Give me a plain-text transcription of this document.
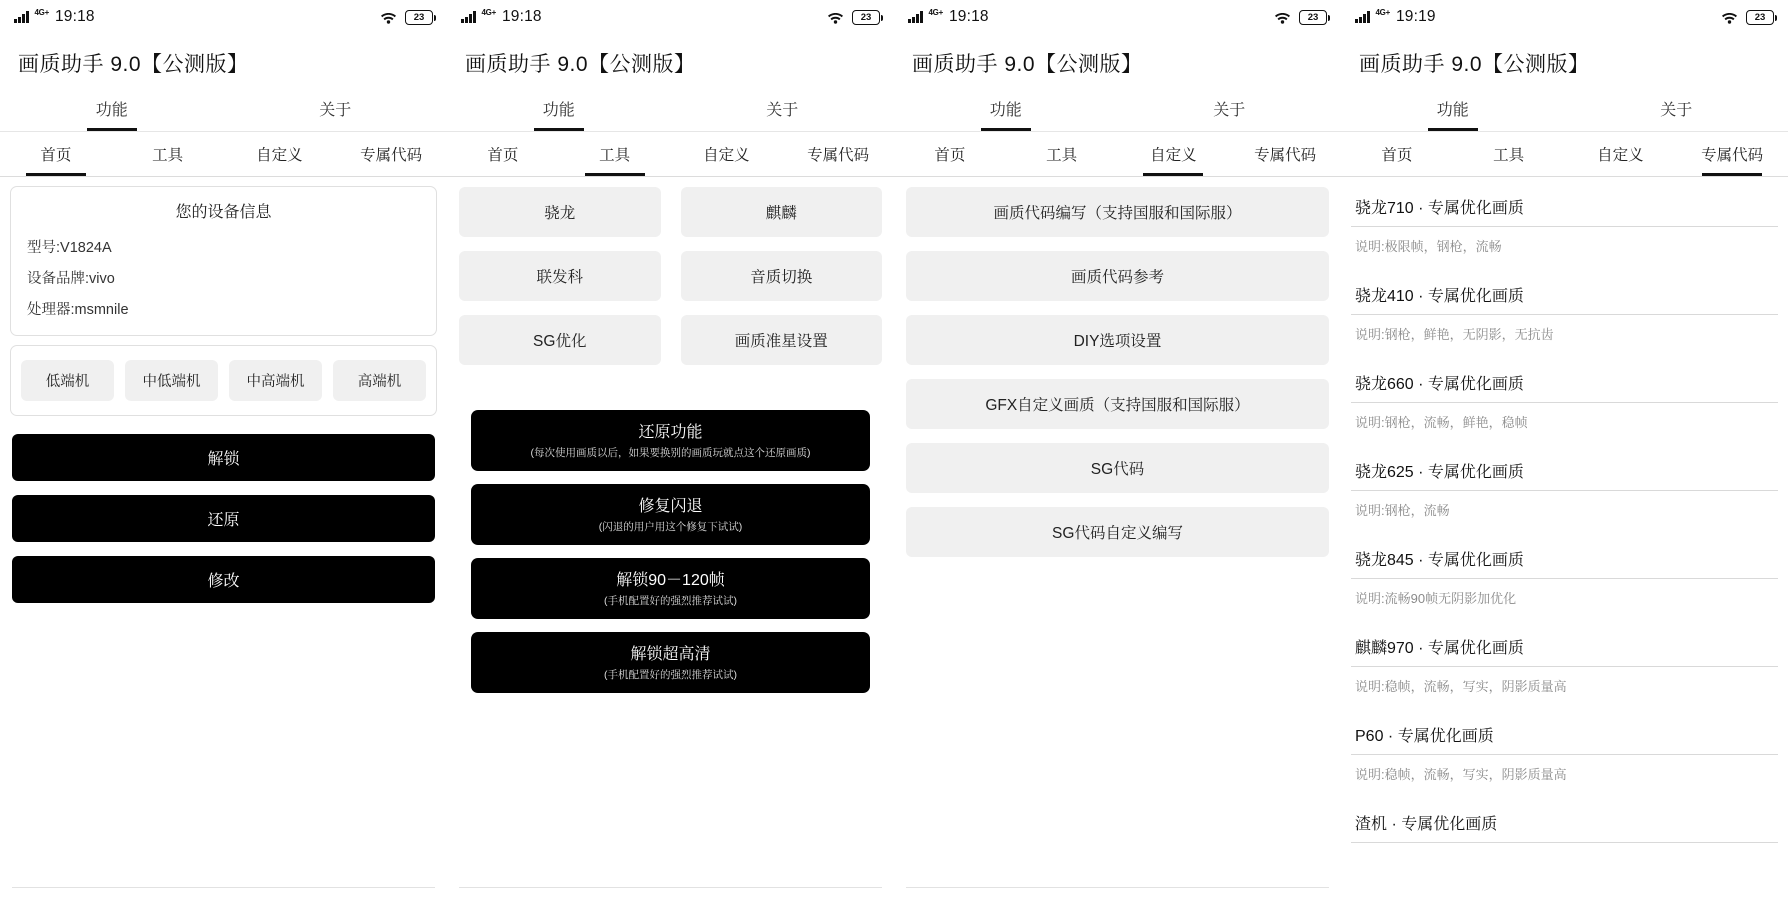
4G+ 19:18	23
画质助手 9.0【公测版】
功能	关于
首页	工具	自定义	专属代码
您的设备信息
型号:V1824A
设备品牌:vivo
处理器:msmnile
低端机	中低端机	中高端机	高端机
解锁
还原
修改
4G+ 19:18	23
画质助手 9.0【公测版】
功能	关于
首页	工具	自定义	专属代码
骁龙	麒麟
联发科	音质切换
SG优化	画质准星设置
还原功能
(每次使用画质以后，如果要换别的画质玩就点这个还原画质)
修复闪退
(闪退的用户用这个修复下试试)
解锁90－120帧
(手机配置好的强烈推荐试试)
解锁超高清
(手机配置好的强烈推荐试试)
4G+ 19:18	23
画质助手 9.0【公测版】
功能	关于
首页	工具	自定义	专属代码
画质代码编写（支持国服和国际服）
画质代码参考
DIY选项设置
GFX自定义画质（支持国服和国际服）
SG代码
SG代码自定义编写
4G+ 19:19	23
画质助手 9.0【公测版】
功能	关于
首页	工具	自定义	专属代码
骁龙710 · 专属优化画质
说明:极限帧，钢枪，流畅
骁龙410 · 专属优化画质
说明:钢枪，鲜艳，无阴影，无抗齿
骁龙660 · 专属优化画质
说明:钢枪，流畅，鲜艳，稳帧
骁龙625 · 专属优化画质
说明:钢枪，流畅
骁龙845 · 专属优化画质
说明:流畅90帧无阴影加优化
麒麟970 · 专属优化画质
说明:稳帧，流畅，写实，阴影质量高
P60 · 专属优化画质
说明:稳帧，流畅，写实，阴影质量高
渣机 · 专属优化画质
